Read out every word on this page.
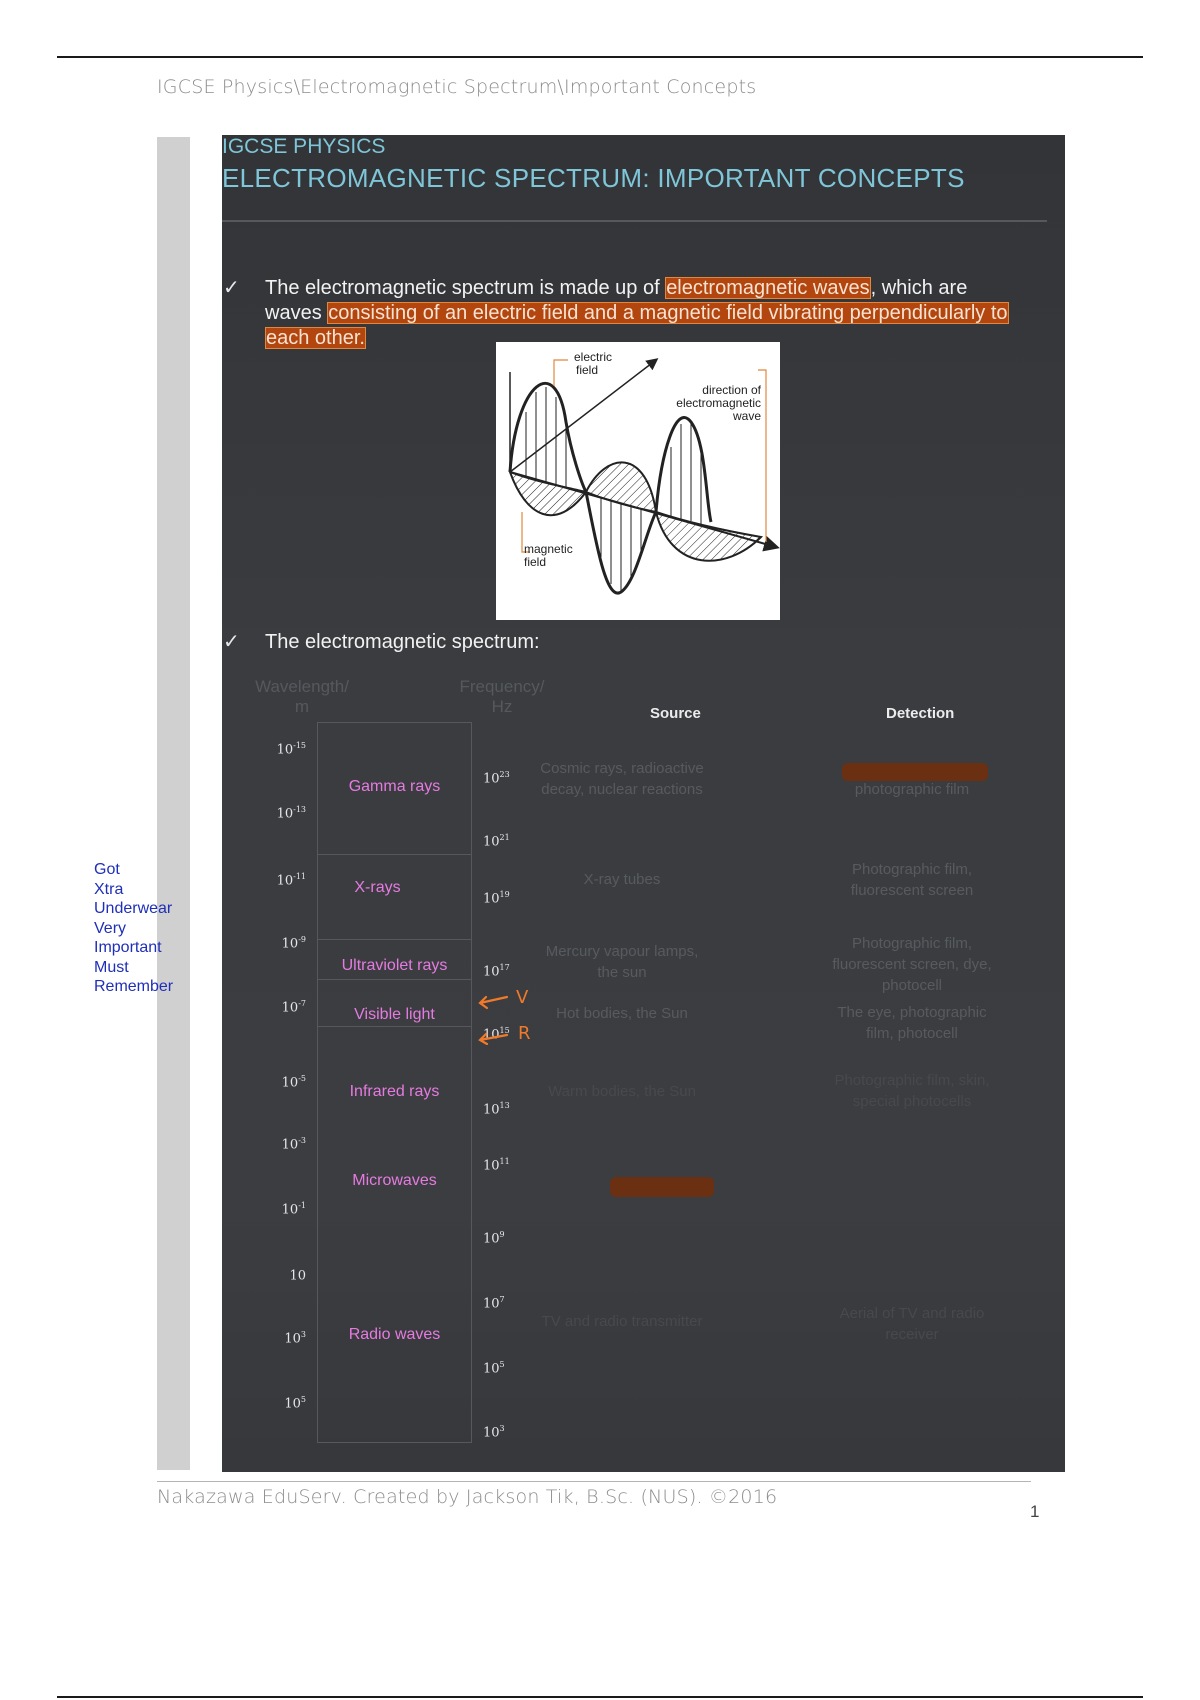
IGCSE Physics\Electromagnetic Spectrum\Important Concepts
Got
Xtra
Underwear
Very
Important
Must
Remember
IGCSE PHYSICS
ELECTROMAGNETIC SPECTRUM: IMPORTANT CONCEPTS
✓ The electromagnetic spectrum is made up of electromagnetic waves, which are
waves consisting of an electric field and a magnetic field vibrating perpendicularly to
each other.
electric
field
direction of
electromagnetic
wave
magnetic
field
✓ The electromagnetic spectrum:
Wavelength/
m
Frequency/
Hz	Source	Detection
$10^{-15}$
$10^{-13}$
$10^{-11}$
$10^{-9}$
$10^{-7}$
$10^{-5}$
$10^{-3}$
$10^{-1}$
10
$10^3$
$10^5$
Gamma rays
X-rays
Ultraviolet rays
Visible light
Infrared rays
Microwaves
Radio waves
$10^{23}$
$10^{21}$
$10^{19}$
$10^{17}$
$10^{15}$
$10^{13}$
$10^{11}$
$10^9$
$10^7$
$10^5$
$10^3$
V
R
Cosmic rays, radioactive
decay, nuclear reactions
X-ray tubes
Mercury vapour lamps,
the sun
Hot bodies, the Sun
Warm bodies, the Sun
TV and radio transmitter
photographic film
Photographic film,
fluorescent screen
Photographic film,
fluorescent screen, dye,
photocell
The eye, photographic
film, photocell
Photographic film, skin,
special photocells
Aerial of TV and radio
receiver
Nakazawa EduServ. Created by Jackson Tik, B.Sc. (NUS). ©2016
1
